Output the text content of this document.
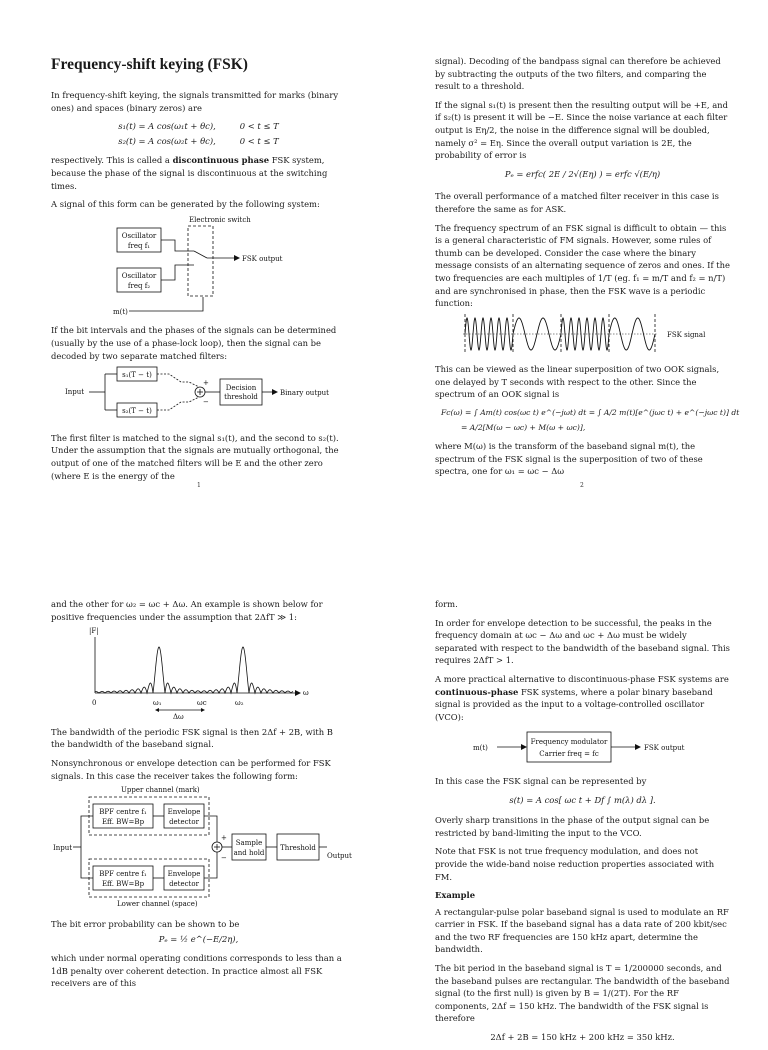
Frequency-shift keying (FSK)

In frequency-shift keying, the signals transmitted for marks (binary ones) and spaces (binary zeros) are

s₁(t) = A cos(ω₁t + θc),	0 < t ≤ T
s₂(t) = A cos(ω₂t + θc),	0 < t ≤ T

respectively. This is called a discontinuous phase FSK system, because the phase of the signal is discontinuous at the switching times.

A signal of this form can be generated by the following system:

Electronic switch
Oscillator
freq f₁
Oscillator
freq f₂
FSK output
m(t)

If the bit intervals and the phases of the signals can be determined (usually by the use of a phase-lock loop), then the signal can be decoded by two separate matched filters:

Input
s₁(T − t)
s₂(T − t)
+
−
Decision
threshold	Binary output

The first filter is matched to the signal s₁(t), and the second to s₂(t). Under the assumption that the signals are mutually orthogonal, the output of one of the matched filters will be E and the other zero (where E is the energy of the

1

signal). Decoding of the bandpass signal can therefore be achieved by subtracting the outputs of the two filters, and comparing the result to a threshold.

If the signal s₁(t) is present then the resulting output will be +E, and if s₂(t) is present it will be −E. Since the noise variance at each filter output is Eη/2, the noise in the difference signal will be doubled, namely σ² = Eη. Since the overall output variation is 2E, the probability of error is

Pₑ = erfc( 2E / 2√(Eη) ) = erfc √(E/η)

The overall performance of a matched filter receiver in this case is therefore the same as for ASK.

The frequency spectrum of an FSK signal is difficult to obtain — this is a general characteristic of FM signals. However, some rules of thumb can be developed. Consider the case where the binary message consists of an alternating sequence of zeros and ones. If the two frequencies are each multiples of 1/T (eg. f₁ = m/T and f₂ = n/T) and are synchronised in phase, then the FSK wave is a periodic function:

FSK signal

This can be viewed as the linear superposition of two OOK signals, one delayed by T seconds with respect to the other. Since the spectrum of an OOK signal is

Fc(ω) = ∫ Am(t) cos(ωc t) e^(−jωt) dt = ∫ A/2 m(t)[e^(jωc t) + e^(−jωc t)] dt
= A/2[M(ω − ωc) + M(ω + ωc)],

where M(ω) is the transform of the baseband signal m(t), the spectrum of the FSK signal is the superposition of two of these spectra, one for ω₁ = ωc − Δω

2

and the other for ω₂ = ωc + Δω. An example is shown below for positive frequencies under the assumption that 2ΔfT ≫ 1:

|F|
0	ω₁	ωc	ω₂
ω
Δω

The bandwidth of the periodic FSK signal is then 2Δf + 2B, with B the bandwidth of the baseband signal.

Nonsynchronous or envelope detection can be performed for FSK signals. In this case the receiver takes the following form:

Upper channel (mark)
BPF centre f₁
Eff. BW=Bp
Envelope
detector
BPF centre f₁
Eff. BW=Bp
Envelope
detector
Lower channel (space)
Input
+
−
Sample
and hold
Threshold
Output

The bit error probability can be shown to be

Pₑ = ½ e^(−E/2η),

which under normal operating conditions corresponds to less than a 1dB penalty over coherent detection. In practice almost all FSK receivers are of this

form.

In order for envelope detection to be successful, the peaks in the frequency domain at ωc − Δω and ωc + Δω must be widely separated with respect to the bandwidth of the baseband signal. This requires 2ΔfT > 1.

A more practical alternative to discontinuous-phase FSK systems are continuous-phase FSK systems, where a polar binary baseband signal is provided as the input to a voltage-controlled oscillator (VCO):

m(t)
Frequency modulator
Carrier freq = fc
FSK output

In this case the FSK signal can be represented by

s(t) = A cos[ ωc t + Df ∫ m(λ) dλ ].

Overly sharp transitions in the phase of the output signal can be restricted by band-limiting the input to the VCO.

Note that FSK is not true frequency modulation, and does not provide the wide-band noise reduction properties associated with FM.

Example

A rectangular-pulse polar baseband signal is used to modulate an RF carrier in FSK. If the baseband signal has a data rate of 200 kbit/sec and the two RF frequencies are 150 kHz apart, determine the bandwidth.

The bit period in the baseband signal is T = 1/200000 seconds, and the baseband pulses are rectangular. The bandwidth of the baseband signal (to the first null) is given by B = 1/(2T). For the RF components, 2Δf = 150 kHz. The bandwidth of the FSK signal is therefore

2Δf + 2B = 150 kHz + 200 kHz = 350 kHz.
